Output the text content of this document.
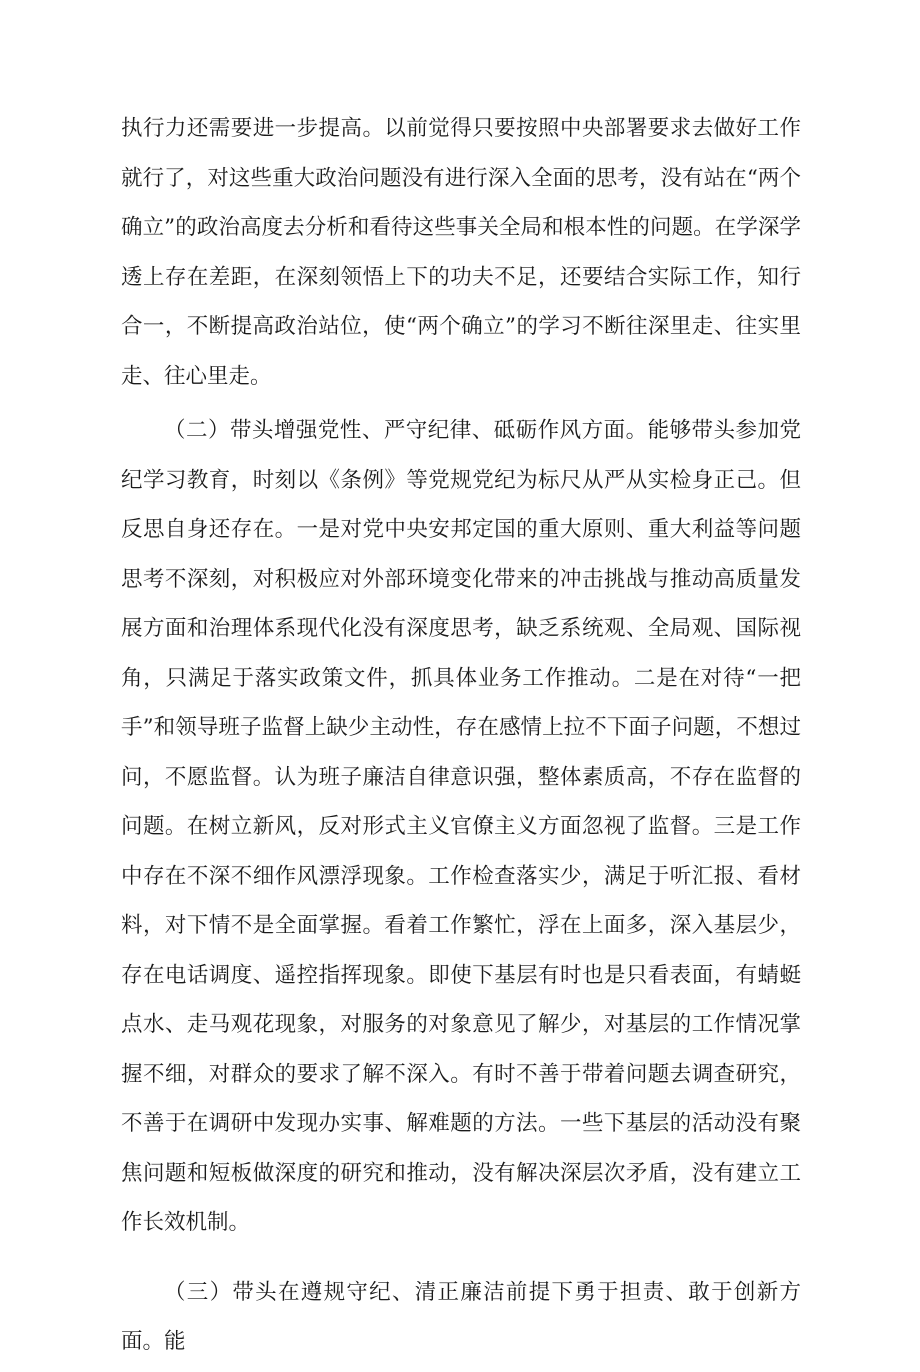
执行力还需要进一步提高。以前觉得只要按照中央部署要求去做好工作就行了，对这些重大政治问题没有进行深入全面的思考，没有站在“两个确立”的政治高度去分析和看待这些事关全局和根本性的问题。在学深学透上存在差距，在深刻领悟上下的功夫不足，还要结合实际工作，知行合一，不断提高政治站位，使“两个确立”的学习不断往深里走、往实里走、往心里走。

（二）带头增强党性、严守纪律、砥砺作风方面。能够带头参加党纪学习教育，时刻以《条例》等党规党纪为标尺从严从实检身正己。但反思自身还存在。一是对党中央安邦定国的重大原则、重大利益等问题思考不深刻，对积极应对外部环境变化带来的冲击挑战与推动高质量发展方面和治理体系现代化没有深度思考，缺乏系统观、全局观、国际视角，只满足于落实政策文件，抓具体业务工作推动。二是在对待“一把手”和领导班子监督上缺少主动性，存在感情上拉不下面子问题，不想过问，不愿监督。认为班子廉洁自律意识强，整体素质高，不存在监督的问题。在树立新风，反对形式主义官僚主义方面忽视了监督。三是工作中存在不深不细作风漂浮现象。工作检查落实少，满足于听汇报、看材料，对下情不是全面掌握。看着工作繁忙，浮在上面多，深入基层少，存在电话调度、遥控指挥现象。即使下基层有时也是只看表面，有蜻蜓点水、走马观花现象，对服务的对象意见了解少，对基层的工作情况掌握不细，对群众的要求了解不深入。有时不善于带着问题去调查研究，不善于在调研中发现办实事、解难题的方法。一些下基层的活动没有聚焦问题和短板做深度的研究和推动，没有解决深层次矛盾，没有建立工作长效机制。

（三）带头在遵规守纪、清正廉洁前提下勇于担责、敢于创新方面。能
